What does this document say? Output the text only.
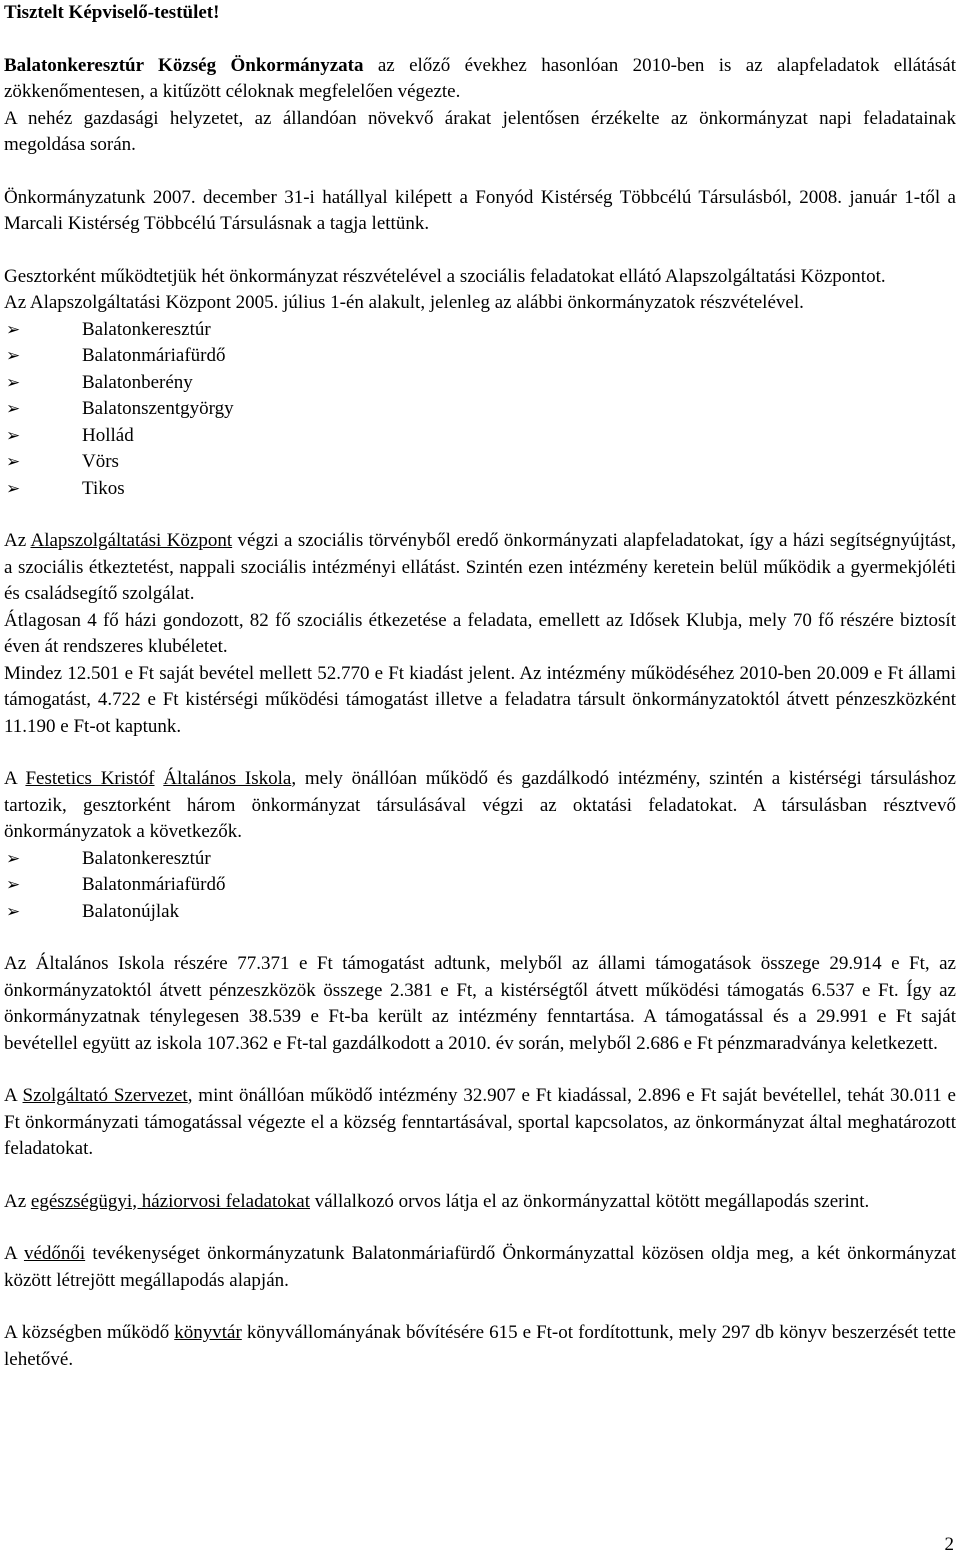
Tisztelt Képviselő-testület!

Balatonkeresztúr Község Önkormányzata az előző évekhez hasonlóan 2010-ben is az alapfeladatok ellátását zökkenőmentesen, a kitűzött céloknak megfelelően végezte.

A nehéz gazdasági helyzetet, az állandóan növekvő árakat jelentősen érzékelte az önkormányzat napi feladatainak megoldása során.

Önkormányzatunk 2007. december 31-i hatállyal kilépett a Fonyód Kistérség Többcélú Társulásból, 2008. január 1-től a Marcali Kistérség Többcélú Társulásnak a tagja lettünk.

Gesztorként működtetjük hét önkormányzat részvételével a szociális feladatokat ellátó Alapszolgáltatási Központot.

Az Alapszolgáltatási Központ 2005. július 1-én alakult, jelenleg az alábbi önkormányzatok részvételével.

➢	Balatonkeresztúr
➢	Balatonmáriafürdő
➢	Balatonberény
➢	Balatonszentgyörgy
➢	Hollád
➢	Vörs
➢	Tikos

Az Alapszolgáltatási Központ végzi a szociális törvényből eredő önkormányzati alapfeladatokat, így a házi segítségnyújtást, a szociális étkeztetést, nappali szociális intézményi ellátást. Szintén ezen intézmény keretein belül működik a gyermekjóléti és családsegítő szolgálat.

Átlagosan 4 fő házi gondozott, 82 fő szociális étkezetése a feladata, emellett az Idősek Klubja, mely 70 fő részére biztosít éven át rendszeres klubéletet.

Mindez 12.501 e Ft saját bevétel mellett 52.770 e Ft kiadást jelent. Az intézmény működéséhez 2010-ben 20.009 e Ft állami támogatást, 4.722 e Ft kistérségi működési támogatást illetve a feladatra társult önkormányzatoktól átvett pénzeszközként 11.190 e Ft-ot kaptunk.

A Festetics Kristóf Általános Iskola, mely önállóan működő és gazdálkodó intézmény, szintén a kistérségi társuláshoz tartozik, gesztorként három önkormányzat társulásával végzi az oktatási feladatokat. A társulásban résztvevő önkormányzatok a következők.

➢	Balatonkeresztúr
➢	Balatonmáriafürdő
➢	Balatonújlak

Az Általános Iskola részére 77.371 e Ft támogatást adtunk, melyből az állami támogatások összege 29.914 e Ft, az önkormányzatoktól átvett pénzeszközök összege 2.381 e Ft, a kistérségtől átvett működési támogatás 6.537 e Ft. Így az önkormányzatnak ténylegesen 38.539 e Ft-ba került az intézmény fenntartása. A támogatással és a 29.991 e Ft saját bevétellel együtt az iskola 107.362 e Ft-tal gazdálkodott a 2010. év során, melyből 2.686 e Ft pénzmaradványa keletkezett.

A Szolgáltató Szervezet, mint önállóan működő intézmény 32.907 e Ft kiadással, 2.896 e Ft saját bevétellel, tehát 30.011 e Ft önkormányzati támogatással végezte el a község fenntartásával, sportal kapcsolatos, az önkormányzat által meghatározott feladatokat.

Az egészségügyi, háziorvosi feladatokat vállalkozó orvos látja el az önkormányzattal kötött megállapodás szerint.

A védőnői tevékenységet önkormányzatunk Balatonmáriafürdő Önkormányzattal közösen oldja meg, a két önkormányzat között létrejött megállapodás alapján.

A községben működő könyvtár könyvállományának bővítésére 615 e Ft-ot fordítottunk, mely 297 db könyv beszerzését tette lehetővé.

2
